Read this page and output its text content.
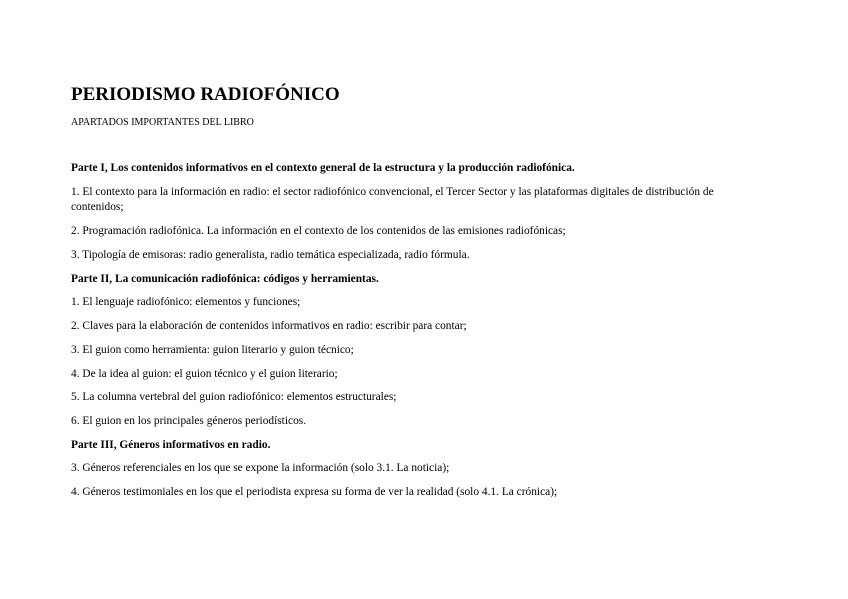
PERIODISMO RADIOFÓNICO

APARTADOS IMPORTANTES DEL LIBRO

Parte I, Los contenidos informativos en el contexto general de la estructura y la producción radiofónica.

1. El contexto para la información en radio: el sector radiofónico convencional, el Tercer Sector y las plataformas digitales de distribución de contenidos;

2. Programación radiofónica. La información en el contexto de los contenidos de las emisiones radiofónicas;

3. Tipología de emisoras: radio generalista, radio temática especializada, radio fórmula.

Parte II, La comunicación radiofónica: códigos y herramientas.

1. El lenguaje radiofónico: elementos y funciones;

2. Claves para la elaboración de contenidos informativos en radio: escribir para contar;

3. El guion como herramienta: guion literario y guion técnico;

4. De la idea al guion: el guion técnico y el guion literario;

5. La columna vertebral del guion radiofónico: elementos estructurales;

6. El guion en los principales géneros periodísticos.

Parte III, Géneros informativos en radio.

3. Géneros referenciales en los que se expone la información (solo 3.1. La noticia);

4. Géneros testimoniales en los que el periodista expresa su forma de ver la realidad (solo 4.1. La crónica);
